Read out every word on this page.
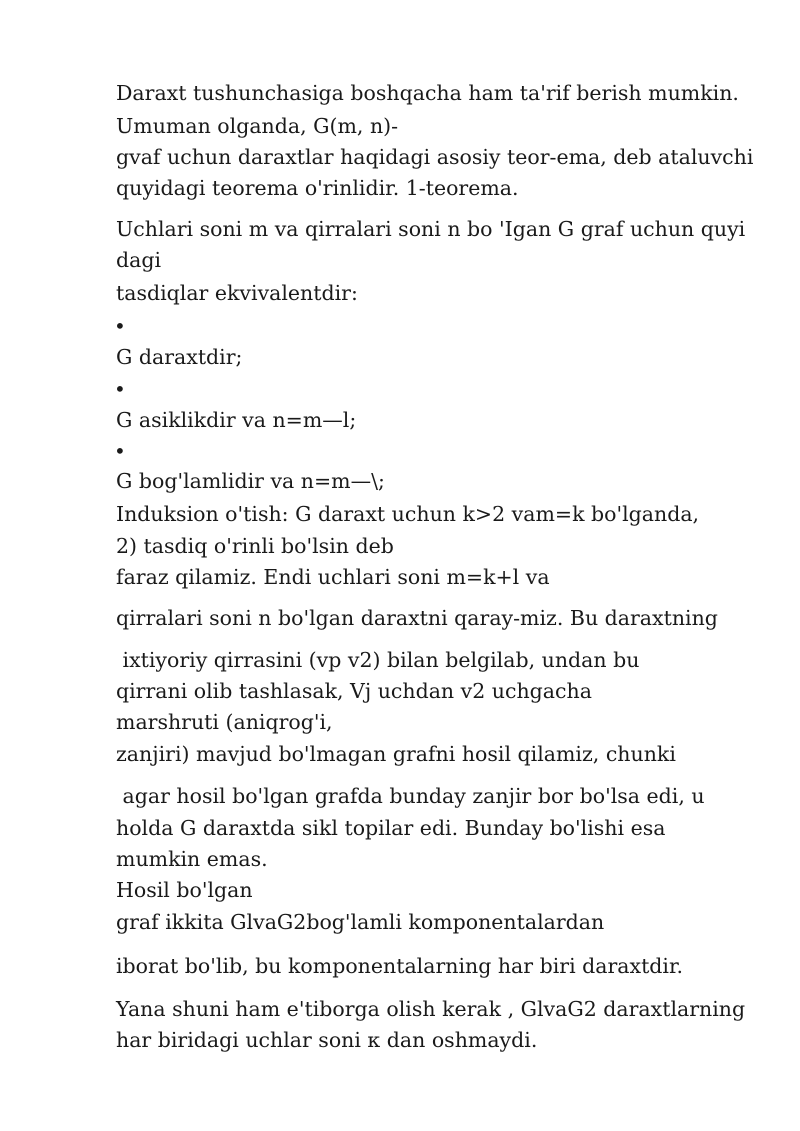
Daraxt tushunchasiga boshqacha ham ta'rif berish mumkin.

Umuman olganda, G(m, n)-

gvaf uchun daraxtlar haqidagi asosiy teor-ema, deb ataluvchi

quyidagi teorema o'rinlidir. 1-teorema.

Uchlari soni m va qirralari soni n bo 'Igan G graf uchun quyi

dagi

tasdiqlar ekvivalentdir:

•

G daraxtdir;

•

G asiklikdir va n=m—l;

•

G bog'lamlidir va n=m—\;

Induksion o'tish: G daraxt uchun k>2 vam=k bo'lganda,

2) tasdiq o'rinli bo'lsin deb

faraz qilamiz. Endi uchlari soni m=k+l va

qirralari soni n bo'lgan daraxtni qaray-miz. Bu daraxtning

ixtiyoriy qirrasini (vp v2) bilan belgilab, undan bu

qirrani olib tashlasak, Vj uchdan v2 uchgacha

marshruti (aniqrog'i,

zanjiri) mavjud bo'lmagan grafni hosil qilamiz, chunki

agar hosil bo'lgan grafda bunday zanjir bor bo'lsa edi, u

holda G daraxtda sikl topilar edi. Bunday bo'lishi esa

mumkin emas.

Hosil bo'lgan

graf ikkita GlvaG2bog'lamli komponentalardan

iborat bo'lib, bu komponentalarning har biri daraxtdir.

Yana shuni ham e'tiborga olish kerak , GlvaG2 daraxtlarning

har biridagi uchlar soni к dan oshmaydi.
